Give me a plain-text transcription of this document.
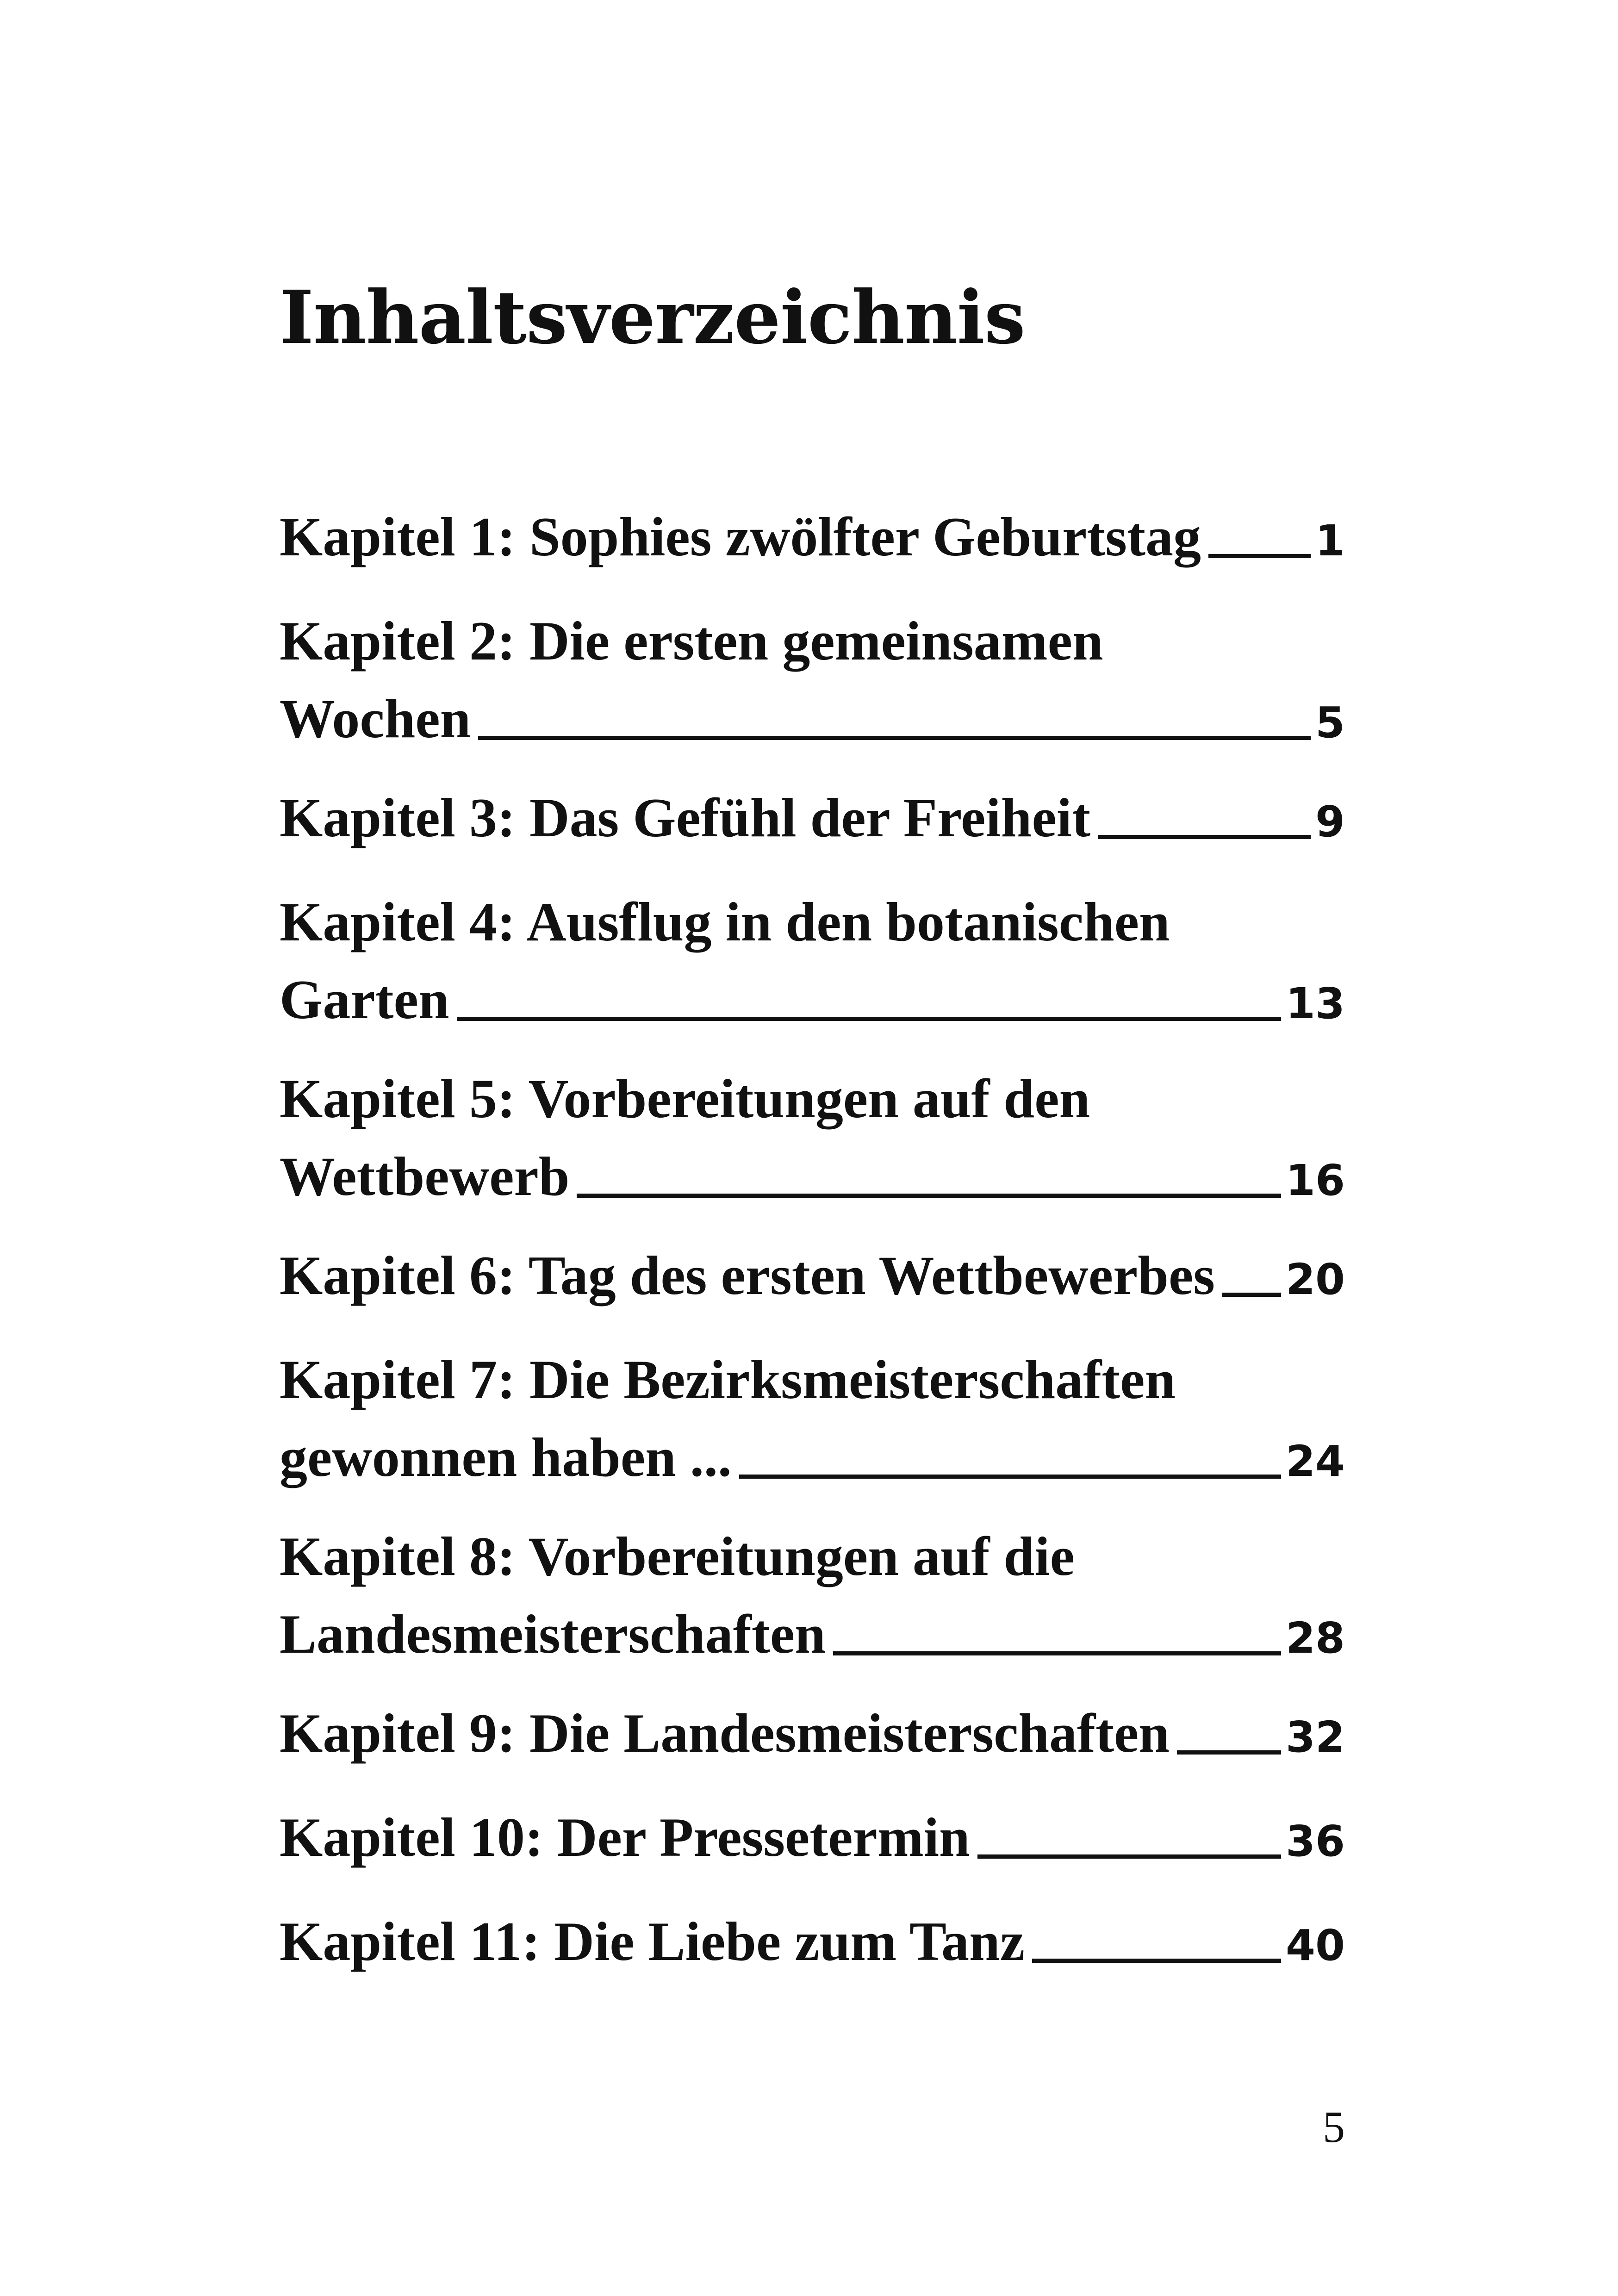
Inhaltsverzeichnis
Kapitel 1: Sophies zwölfter Geburtstag	1
Kapitel 2: Die ersten gemeinsamen
Wochen	5
Kapitel 3: Das Gefühl der Freiheit	9
Kapitel 4: Ausflug in den botanischen
Garten	13
Kapitel 5: Vorbereitungen auf den
Wettbewerb	16
Kapitel 6: Tag des ersten Wettbewerbes 20
Kapitel 7: Die Bezirksmeisterschaften
gewonnen haben ...	24
Kapitel 8: Vorbereitungen auf die
Landesmeisterschaften	28
Kapitel 9: Die Landesmeisterschaften	32
Kapitel 10: Der Pressetermin	36
Kapitel 11: Die Liebe zum Tanz	40
5
